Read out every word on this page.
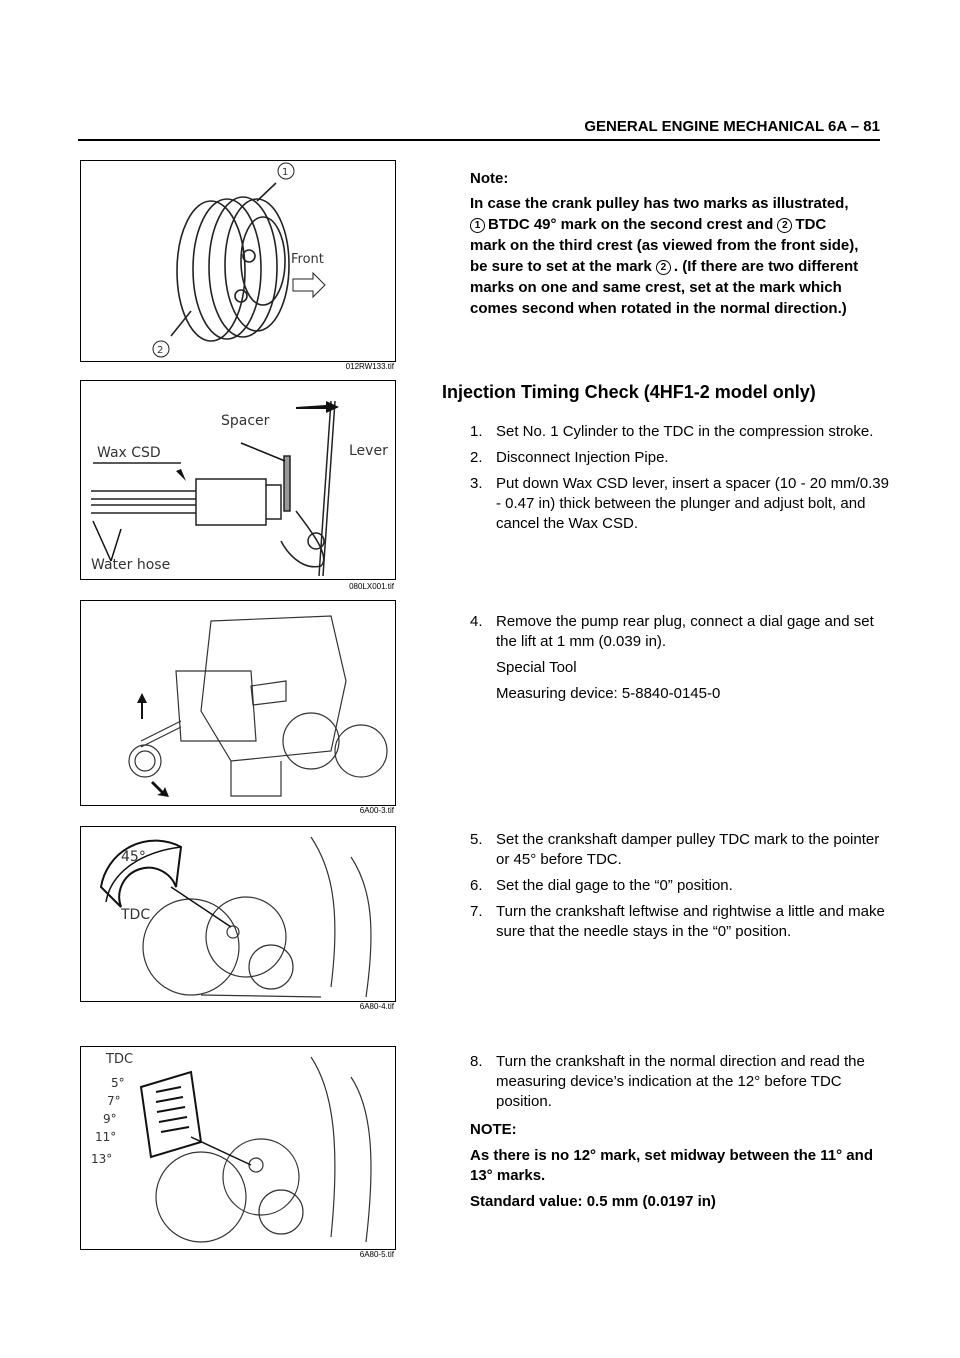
GENERAL ENGINE MECHANICAL 6A – 81
1
2
Front
012RW133.tif
Spacer
Wax CSD	Lever
Water hose
080LX001.tif
6A00-3.tif
45°
TDC
6A80-4.tif
TDC
5°
7°
9°
11°
13°
6A80-5.tif

Note:

In case the crank pulley has two marks as illustrated,
1 BTDC 49° mark on the second crest and 2 TDC
mark on the third crest (as viewed from the front side),
be sure to set at the mark 2 . (If there are two different
marks on one and same crest, set at the mark which
comes second when rotated in the normal direction.)
Injection Timing Check (4HF1-2 model only)
1. Set No. 1 Cylinder to the TDC in the compression stroke.
2. Disconnect Injection Pipe.
3. Put down Wax CSD lever, insert a spacer (10 - 20 mm/0.39 - 0.47 in) thick between the plunger and adjust bolt, and cancel the Wax CSD.
4. Remove the pump rear plug, connect a dial gage and set the lift at 1 mm (0.039 in).
Special Tool
Measuring device: 5-8840-0145-0
5. Set the crankshaft damper pulley TDC mark to the pointer or 45° before TDC.
6. Set the dial gage to the “0” position.
7. Turn the crankshaft leftwise and rightwise a little and make sure that the needle stays in the “0” position.
8. Turn the crankshaft in the normal direction and read the measuring device’s indication at the 12° before TDC position.

NOTE:

As there is no 12° mark, set midway between the 11° and 13° marks.

Standard value: 0.5 mm (0.0197 in)
